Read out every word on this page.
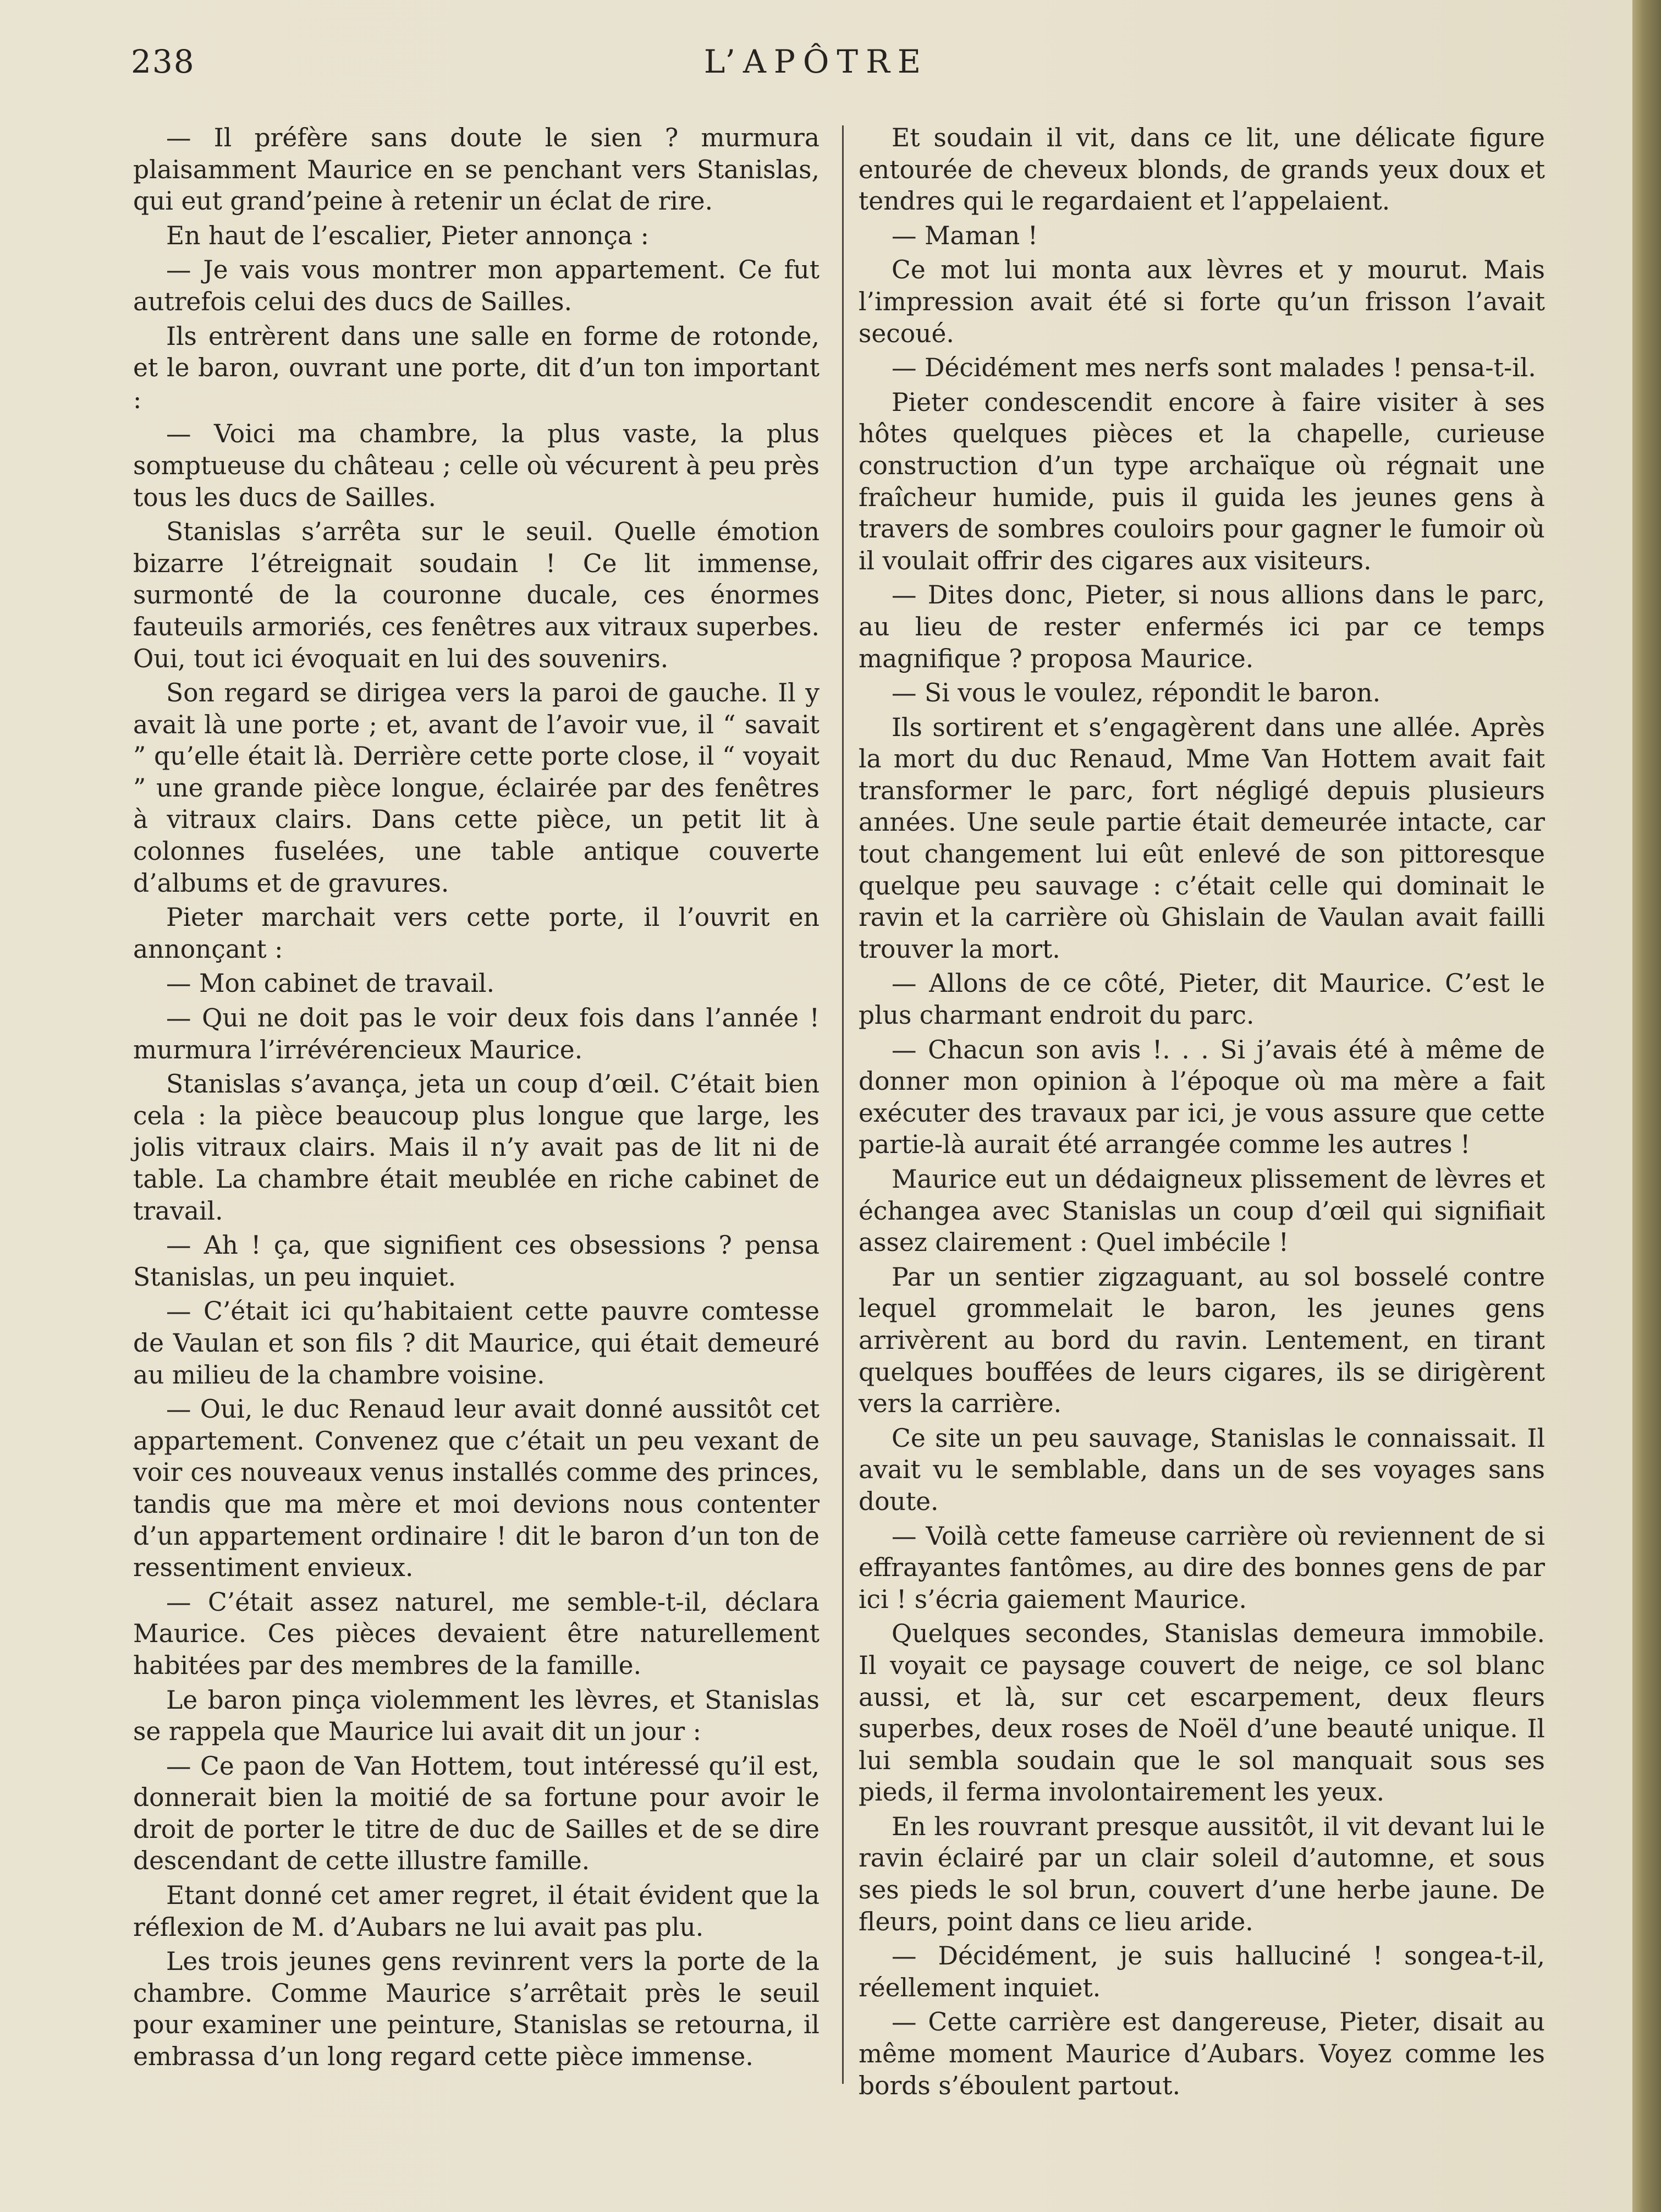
238	L’APÔTRE

— Il préfère sans doute le sien ? murmura plaisamment Maurice en se penchant vers Stanislas, qui eut grand’peine à retenir un éclat de rire.

En haut de l’escalier, Pieter annonça :

— Je vais vous montrer mon appartement. Ce fut autrefois celui des ducs de Sailles.

Ils entrèrent dans une salle en forme de rotonde, et le baron, ouvrant une porte, dit d’un ton important :

— Voici ma chambre, la plus vaste, la plus somptueuse du château ; celle où vécurent à peu près tous les ducs de Sailles.

Stanislas s’arrêta sur le seuil. Quelle émotion bizarre l’étreignait soudain ! Ce lit immense, surmonté de la couronne ducale, ces énormes fauteuils armoriés, ces fenêtres aux vitraux superbes. Oui, tout ici évoquait en lui des souvenirs.

Son regard se dirigea vers la paroi de gauche. Il y avait là une porte ; et, avant de l’avoir vue, il “ savait ” qu’elle était là. Derrière cette porte close, il “ voyait ” une grande pièce longue, éclairée par des fenêtres à vitraux clairs. Dans cette pièce, un petit lit à colonnes fuselées, une table antique couverte d’albums et de gravures.

Pieter marchait vers cette porte, il l’ouvrit en annonçant :

— Mon cabinet de travail.

— Qui ne doit pas le voir deux fois dans l’année ! murmura l’irrévérencieux Maurice.

Stanislas s’avança, jeta un coup d’œil. C’était bien cela : la pièce beaucoup plus longue que large, les jolis vitraux clairs. Mais il n’y avait pas de lit ni de table. La chambre était meublée en riche cabinet de travail.

— Ah ! ça, que signifient ces obsessions ? pensa Stanislas, un peu inquiet.

— C’était ici qu’habitaient cette pauvre comtesse de Vaulan et son fils ? dit Maurice, qui était demeuré au milieu de la chambre voisine.

— Oui, le duc Renaud leur avait donné aussitôt cet appartement. Convenez que c’était un peu vexant de voir ces nouveaux venus installés comme des princes, tandis que ma mère et moi devions nous contenter d’un appartement ordinaire ! dit le baron d’un ton de ressentiment envieux.

— C’était assez naturel, me semble-t-il, déclara Maurice. Ces pièces devaient être naturellement habitées par des membres de la famille.

Le baron pinça violemment les lèvres, et Stanislas se rappela que Maurice lui avait dit un jour :

— Ce paon de Van Hottem, tout intéressé qu’il est, donnerait bien la moitié de sa fortune pour avoir le droit de porter le titre de duc de Sailles et de se dire descendant de cette illustre famille.

Etant donné cet amer regret, il était évident que la réflexion de M. d’Aubars ne lui avait pas plu.

Les trois jeunes gens revinrent vers la porte de la chambre. Comme Maurice s’arrêtait près le seuil pour examiner une peinture, Stanislas se retourna, il embrassa d’un long regard cette pièce immense.

Et soudain il vit, dans ce lit, une délicate figure entourée de cheveux blonds, de grands yeux doux et tendres qui le regardaient et l’appelaient.

— Maman !

Ce mot lui monta aux lèvres et y mourut. Mais l’impression avait été si forte qu’un frisson l’avait secoué.

— Décidément mes nerfs sont malades ! pensa-t-il.

Pieter condescendit encore à faire visiter à ses hôtes quelques pièces et la chapelle, curieuse construction d’un type archaïque où régnait une fraîcheur humide, puis il guida les jeunes gens à travers de sombres couloirs pour gagner le fumoir où il voulait offrir des cigares aux visiteurs.

— Dites donc, Pieter, si nous allions dans le parc, au lieu de rester enfermés ici par ce temps magnifique ? proposa Maurice.

— Si vous le voulez, répondit le baron.

Ils sortirent et s’engagèrent dans une allée. Après la mort du duc Renaud, Mme Van Hottem avait fait transformer le parc, fort négligé depuis plusieurs années. Une seule partie était demeurée intacte, car tout changement lui eût enlevé de son pittoresque quelque peu sauvage : c’était celle qui dominait le ravin et la carrière où Ghislain de Vaulan avait failli trouver la mort.

— Allons de ce côté, Pieter, dit Maurice. C’est le plus charmant endroit du parc.

— Chacun son avis !. . . Si j’avais été à même de donner mon opinion à l’époque où ma mère a fait exécuter des travaux par ici, je vous assure que cette partie-là aurait été arrangée comme les autres !

Maurice eut un dédaigneux plissement de lèvres et échangea avec Stanislas un coup d’œil qui signifiait assez clairement : Quel imbécile !

Par un sentier zigzaguant, au sol bosselé contre lequel grommelait le baron, les jeunes gens arrivèrent au bord du ravin. Lentement, en tirant quelques bouffées de leurs cigares, ils se dirigèrent vers la carrière.

Ce site un peu sauvage, Stanislas le connaissait. Il avait vu le semblable, dans un de ses voyages sans doute.

— Voilà cette fameuse carrière où reviennent de si effrayantes fantômes, au dire des bonnes gens de par ici ! s’écria gaiement Maurice.

Quelques secondes, Stanislas demeura immobile. Il voyait ce paysage couvert de neige, ce sol blanc aussi, et là, sur cet escarpement, deux fleurs superbes, deux roses de Noël d’une beauté unique. Il lui sembla soudain que le sol manquait sous ses pieds, il ferma involontairement les yeux.

En les rouvrant presque aussitôt, il vit devant lui le ravin éclairé par un clair soleil d’automne, et sous ses pieds le sol brun, couvert d’une herbe jaune. De fleurs, point dans ce lieu aride.

— Décidément, je suis halluciné ! songea-t-il, réellement inquiet.

— Cette carrière est dangereuse, Pieter, disait au même moment Maurice d’Aubars. Voyez comme les bords s’éboulent partout.
